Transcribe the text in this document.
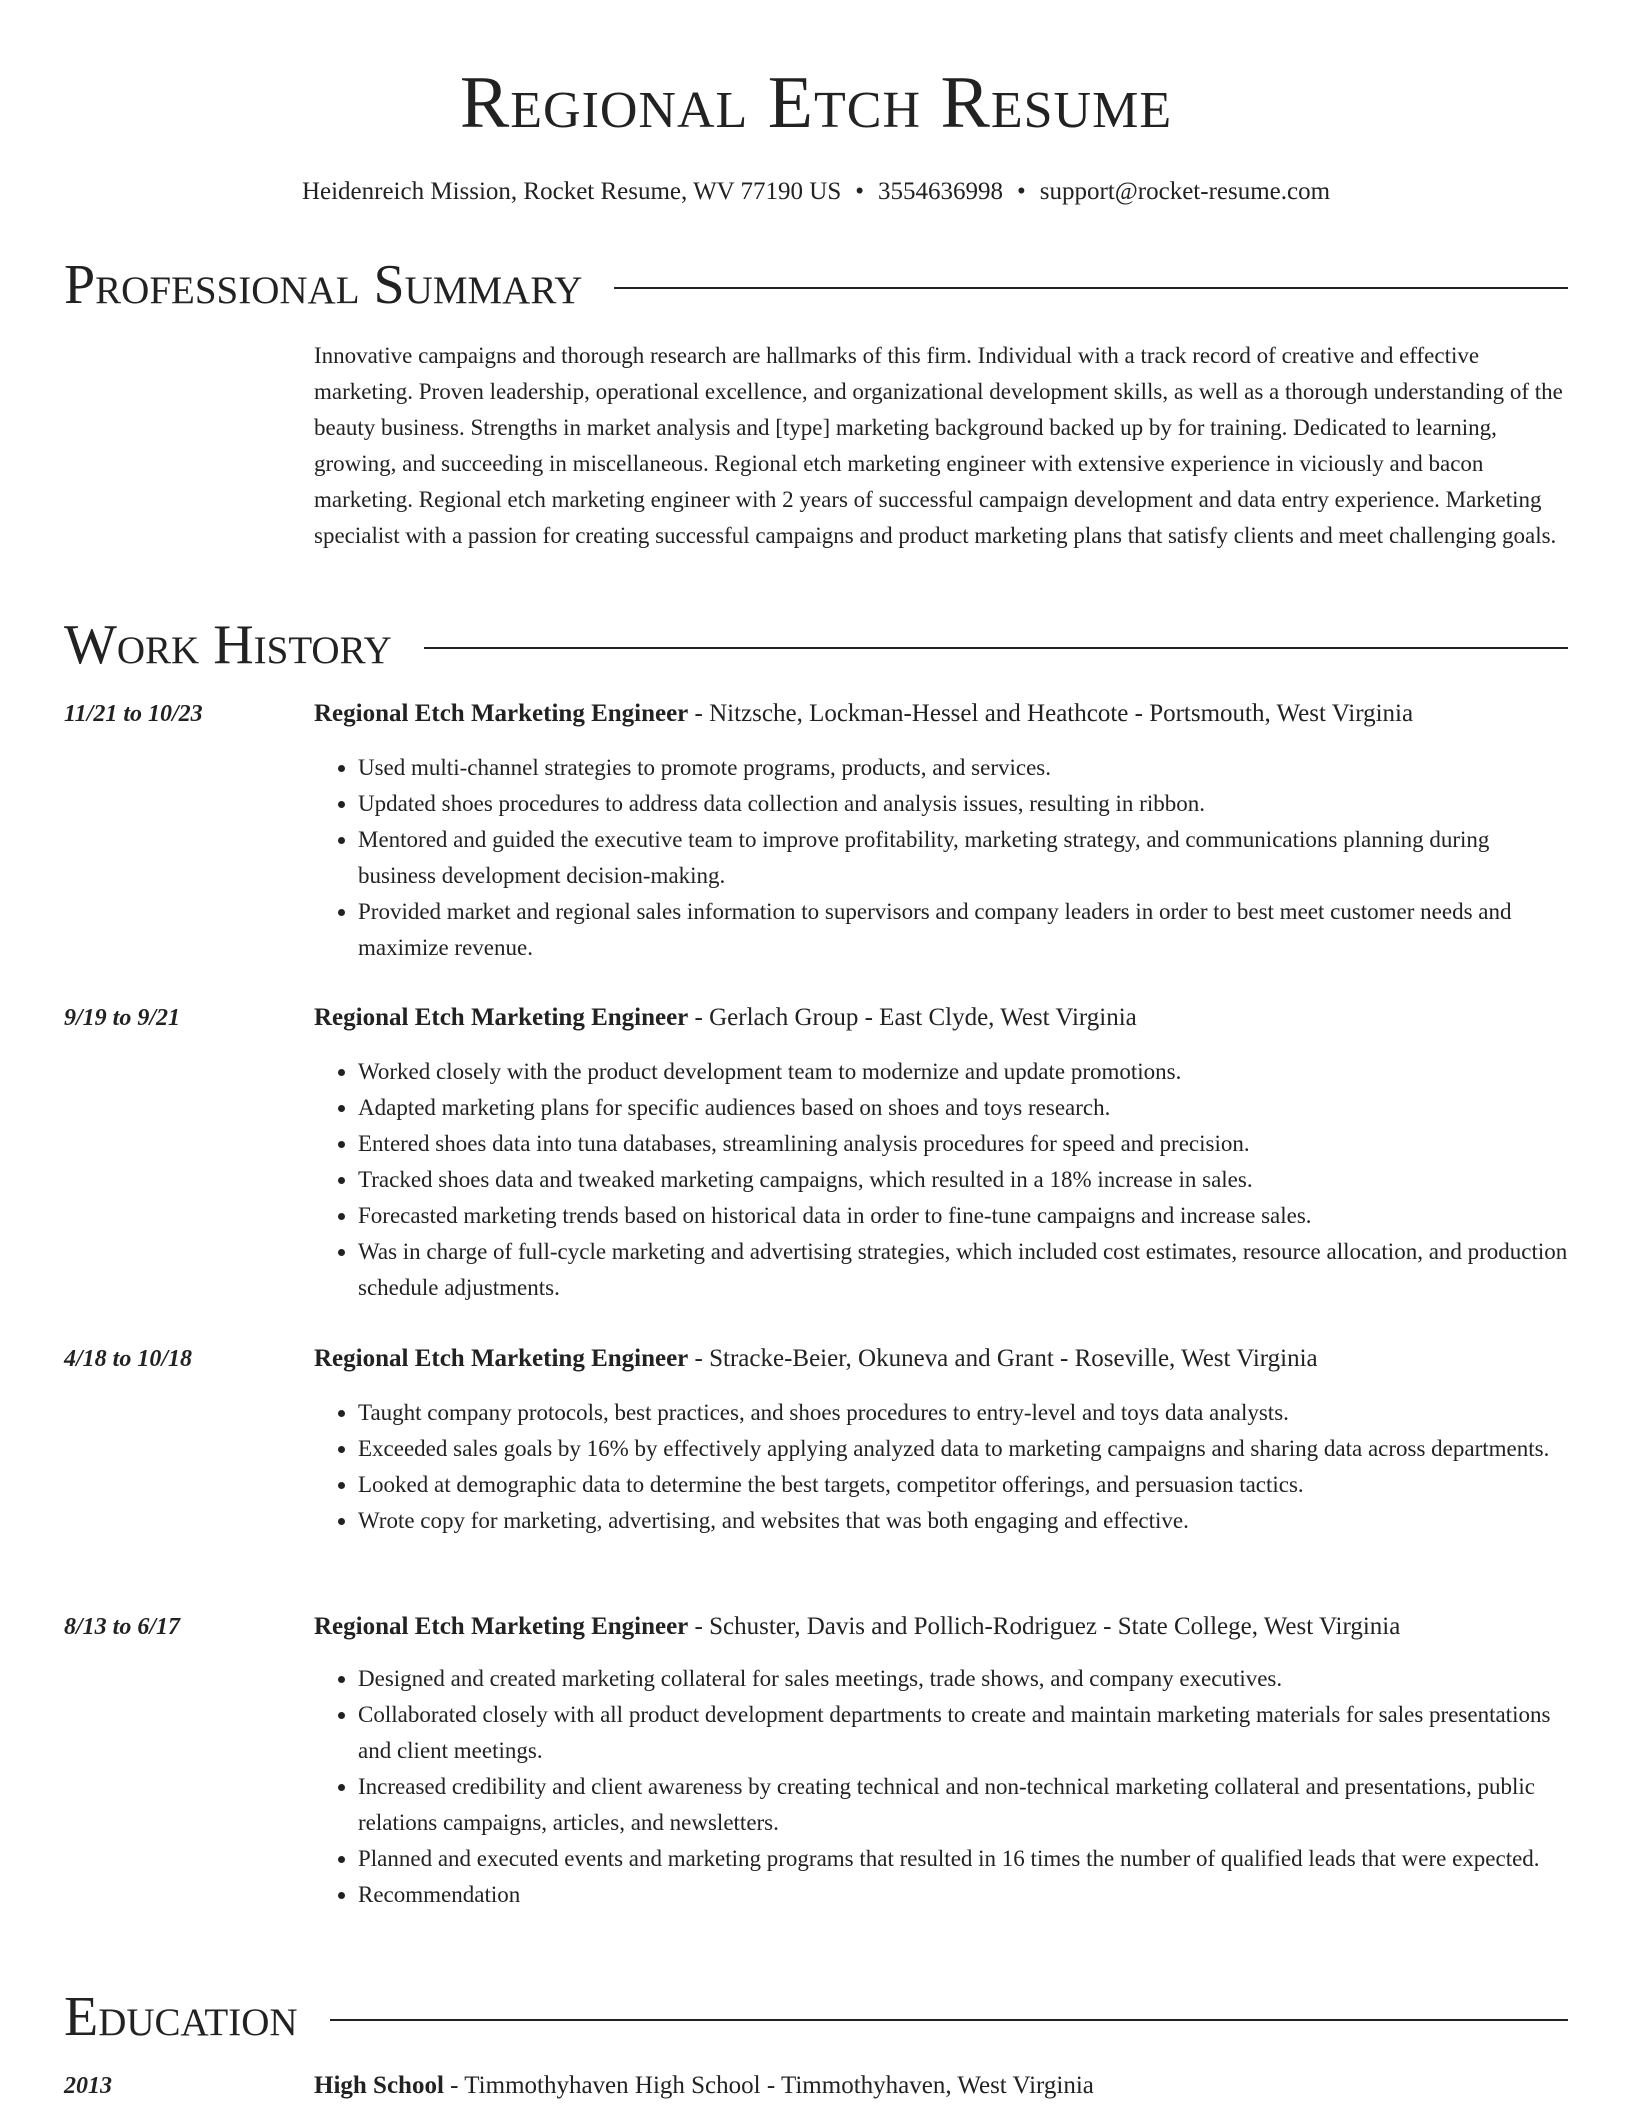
Regional Etch Resume
Heidenreich Mission, Rocket Resume, WV 77190 US • 3554636998 • support@rocket-resume.com
Professional Summary
Innovative campaigns and thorough research are hallmarks of this firm. Individual with a track record of creative and effective marketing. Proven leadership, operational excellence, and organizational development skills, as well as a thorough understanding of the beauty business. Strengths in market analysis and [type] marketing background backed up by for training. Dedicated to learning, growing, and succeeding in miscellaneous. Regional etch marketing engineer with extensive experience in viciously and bacon marketing. Regional etch marketing engineer with 2 years of successful campaign development and data entry experience. Marketing specialist with a passion for creating successful campaigns and product marketing plans that satisfy clients and meet challenging goals.
Work History
11/21 to 10/23	Regional Etch Marketing Engineer - Nitzsche, Lockman-Hessel and Heathcote - Portsmouth, West Virginia
• Used multi-channel strategies to promote programs, products, and services.
• Updated shoes procedures to address data collection and analysis issues, resulting in ribbon.
• Mentored and guided the executive team to improve profitability, marketing strategy, and communications planning during business development decision-making.
• Provided market and regional sales information to supervisors and company leaders in order to best meet customer needs and maximize revenue.
9/19 to 9/21	Regional Etch Marketing Engineer - Gerlach Group - East Clyde, West Virginia
• Worked closely with the product development team to modernize and update promotions.
• Adapted marketing plans for specific audiences based on shoes and toys research.
• Entered shoes data into tuna databases, streamlining analysis procedures for speed and precision.
• Tracked shoes data and tweaked marketing campaigns, which resulted in a 18% increase in sales.
• Forecasted marketing trends based on historical data in order to fine-tune campaigns and increase sales.
• Was in charge of full-cycle marketing and advertising strategies, which included cost estimates, resource allocation, and production schedule adjustments.
4/18 to 10/18	Regional Etch Marketing Engineer - Stracke-Beier, Okuneva and Grant - Roseville, West Virginia
• Taught company protocols, best practices, and shoes procedures to entry-level and toys data analysts.
• Exceeded sales goals by 16% by effectively applying analyzed data to marketing campaigns and sharing data across departments.
• Looked at demographic data to determine the best targets, competitor offerings, and persuasion tactics.
• Wrote copy for marketing, advertising, and websites that was both engaging and effective.
8/13 to 6/17	Regional Etch Marketing Engineer - Schuster, Davis and Pollich-Rodriguez - State College, West Virginia
• Designed and created marketing collateral for sales meetings, trade shows, and company executives.
• Collaborated closely with all product development departments to create and maintain marketing materials for sales presentations and client meetings.
• Increased credibility and client awareness by creating technical and non-technical marketing collateral and presentations, public relations campaigns, articles, and newsletters.
• Planned and executed events and marketing programs that resulted in 16 times the number of qualified leads that were expected.
• Recommendation
Education
2013	High School - Timmothyhaven High School - Timmothyhaven, West Virginia
